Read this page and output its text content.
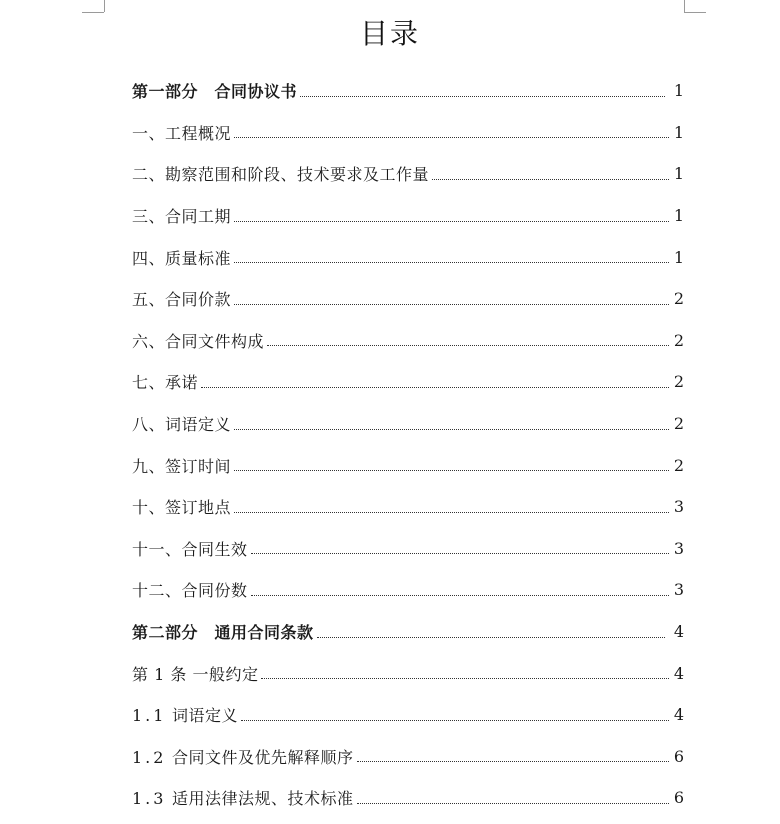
目录
第一部分　合同协议书	1
一、工程概况	1
二、勘察范围和阶段、技术要求及工作量	1
三、合同工期	1
四、质量标准	1
五、合同价款	2
六、合同文件构成	2
七、承诺	2
八、词语定义	2
九、签订时间	2
十、签订地点	3
十一、合同生效	3
十二、合同份数	3
第二部分　通用合同条款	4
第 1 条 一般约定	4
1.1 词语定义	4
1.2 合同文件及优先解释顺序	6
1.3 适用法律法规、技术标准	6
